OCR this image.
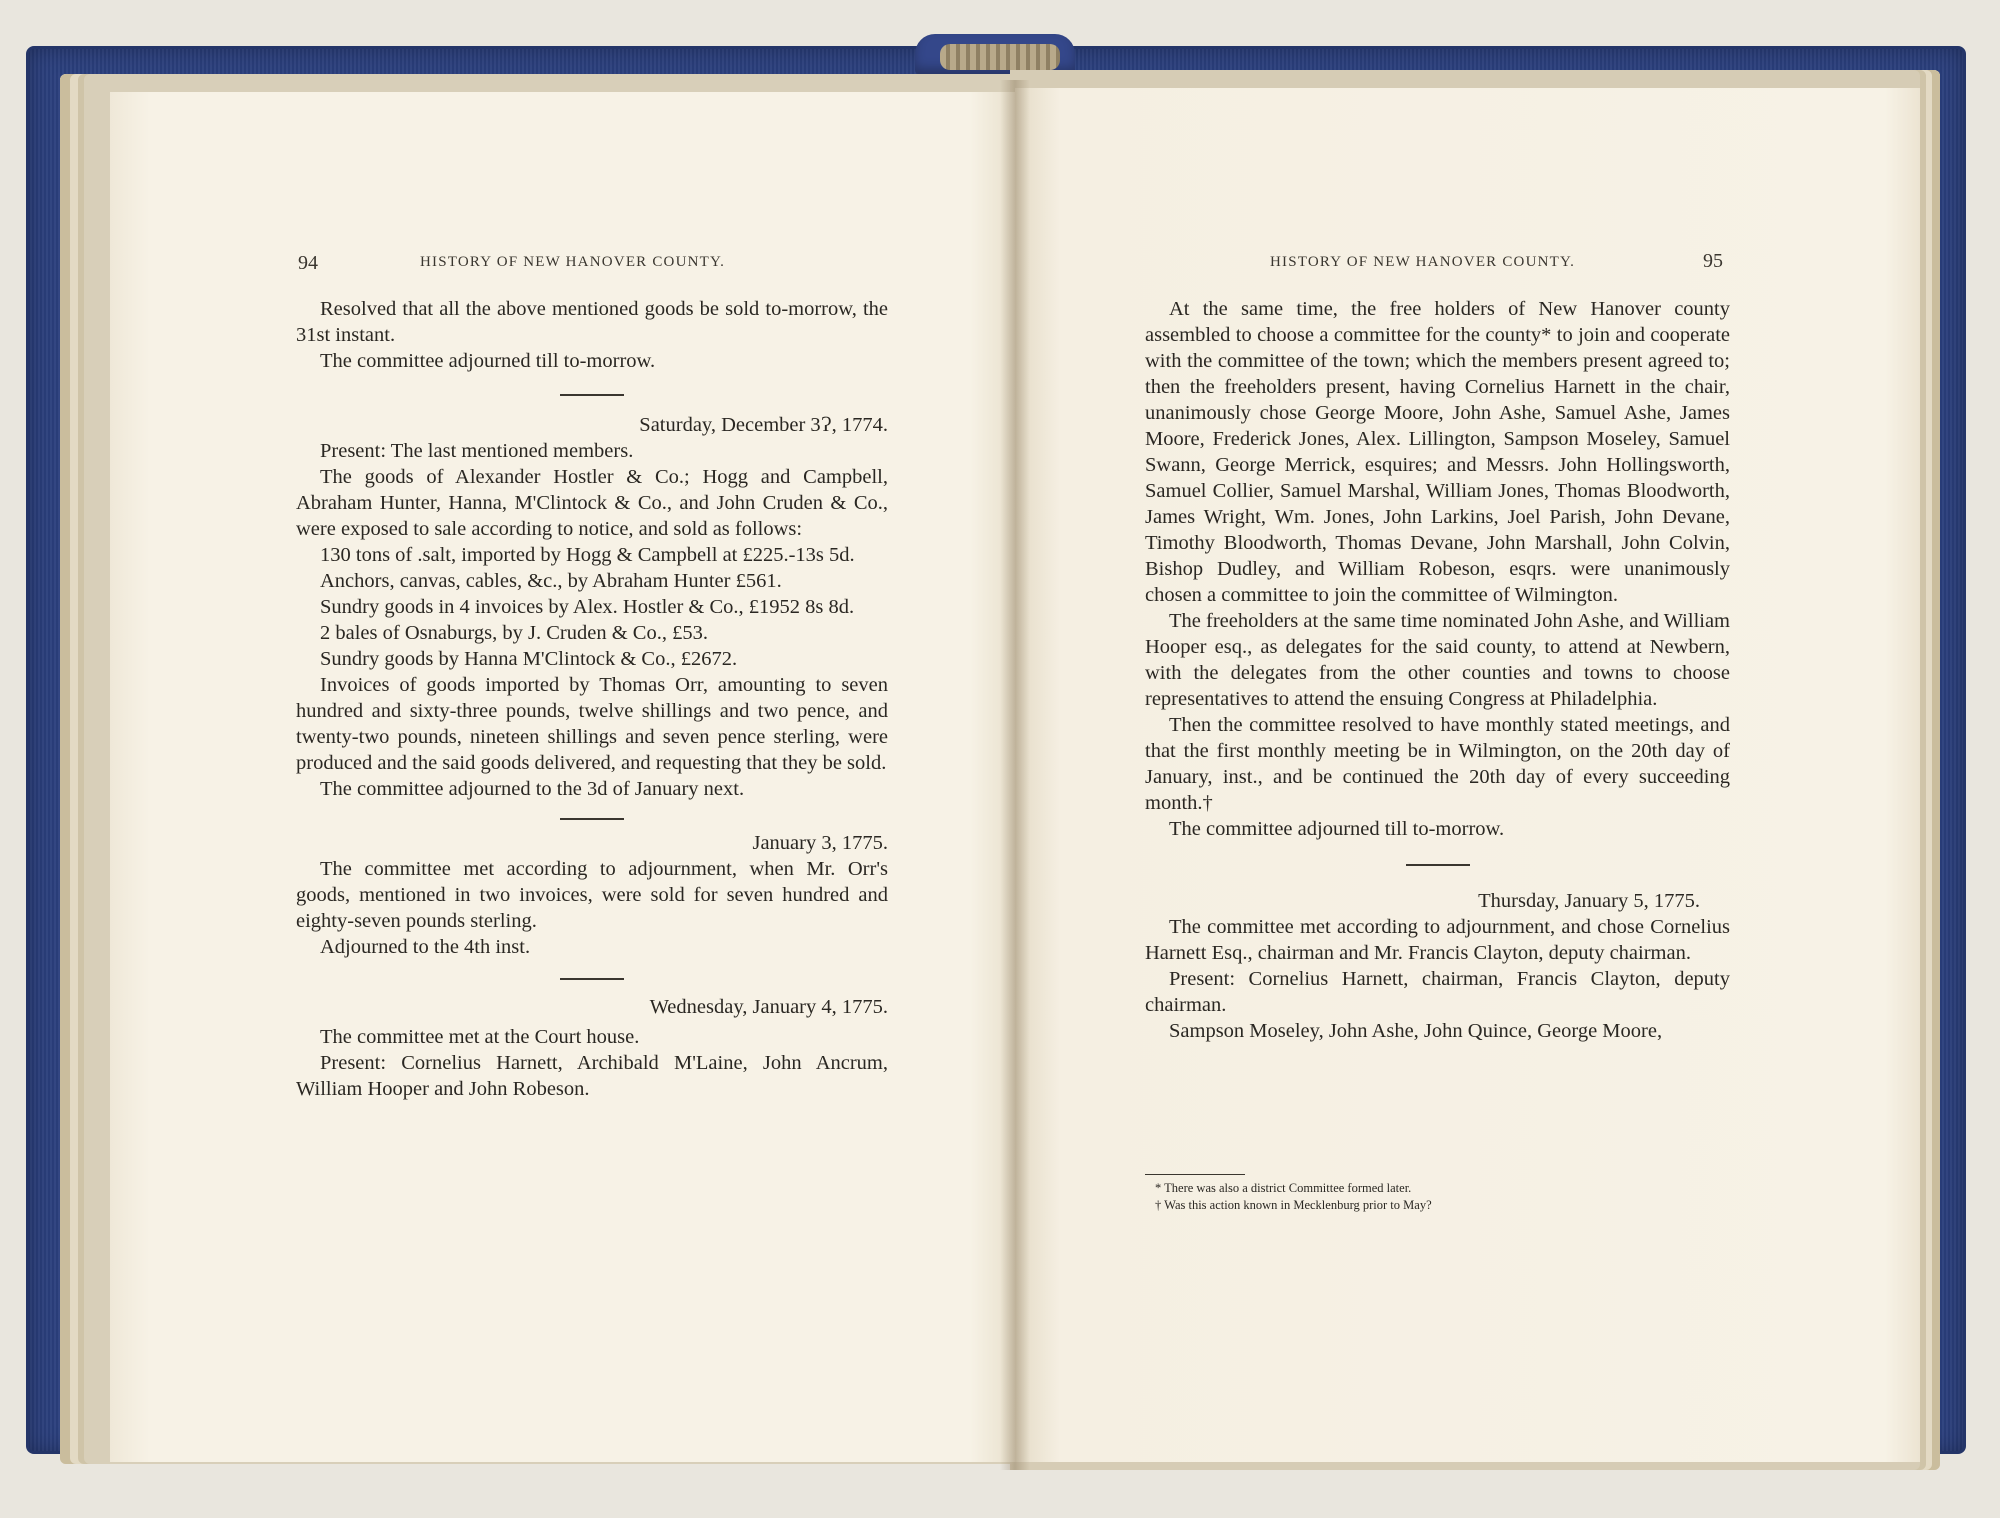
94	HISTORY OF NEW HANOVER COUNTY.

Resolved that all the above mentioned goods be sold to-morrow, the 31st instant.

The committee adjourned till to-morrow.

Saturday, December 3Ɂ, 1774.

Present: The last mentioned members.

The goods of Alexander Hostler & Co.; Hogg and Campbell, Abraham Hunter, Hanna, M'Clintock & Co., and John Cruden & Co., were exposed to sale according to notice, and sold as follows:

130 tons of .salt, imported by Hogg & Campbell at £225.-13s 5d.

Anchors, canvas, cables, &c., by Abraham Hunter £561.

Sundry goods in 4 invoices by Alex. Hostler & Co., £1952 8s 8d.

2 bales of Osnaburgs, by J. Cruden & Co., £53.

Sundry goods by Hanna M'Clintock & Co., £2672.

Invoices of goods imported by Thomas Orr, amounting to seven hundred and sixty-three pounds, twelve shillings and two pence, and twenty-two pounds, nineteen shillings and seven pence sterling, were produced and the said goods delivered, and requesting that they be sold.

The committee adjourned to the 3d of January next.

January 3, 1775.

The committee met according to adjournment, when Mr. Orr's goods, mentioned in two invoices, were sold for seven hundred and eighty-seven pounds sterling.

Adjourned to the 4th inst.

Wednesday, January 4, 1775.

The committee met at the Court house.

Present: Cornelius Harnett, Archibald M'Laine, John Ancrum, William Hooper and John Robeson.

HISTORY OF NEW HANOVER COUNTY.	95

At the same time, the free holders of New Hanover county assembled to choose a committee for the county* to join and cooperate with the committee of the town; which the members present agreed to; then the freeholders present, having Cornelius Harnett in the chair, unanimously chose George Moore, John Ashe, Samuel Ashe, James Moore, Frederick Jones, Alex. Lillington, Sampson Moseley, Samuel Swann, George Merrick, esquires; and Messrs. John Hollingsworth, Samuel Collier, Samuel Marshal, William Jones, Thomas Bloodworth, James Wright, Wm. Jones, John Larkins, Joel Parish, John Devane, Timothy Bloodworth, Thomas Devane, John Marshall, John Colvin, Bishop Dudley, and William Robeson, esqrs. were unanimously chosen a committee to join the committee of Wilmington.

The freeholders at the same time nominated John Ashe, and William Hooper esq., as delegates for the said county, to attend at Newbern, with the delegates from the other counties and towns to choose representatives to attend the ensuing Congress at Philadelphia.

Then the committee resolved to have monthly stated meetings, and that the first monthly meeting be in Wilmington, on the 20th day of January, inst., and be continued the 20th day of every succeeding month.†

The committee adjourned till to-morrow.

Thursday, January 5, 1775.

The committee met according to adjournment, and chose Cornelius Harnett Esq., chairman and Mr. Francis Clayton, deputy chairman.

Present: Cornelius Harnett, chairman, Francis Clayton, deputy chairman.

Sampson Moseley, John Ashe, John Quince, George Moore,

* There was also a district Committee formed later.

† Was this action known in Mecklenburg prior to May?
